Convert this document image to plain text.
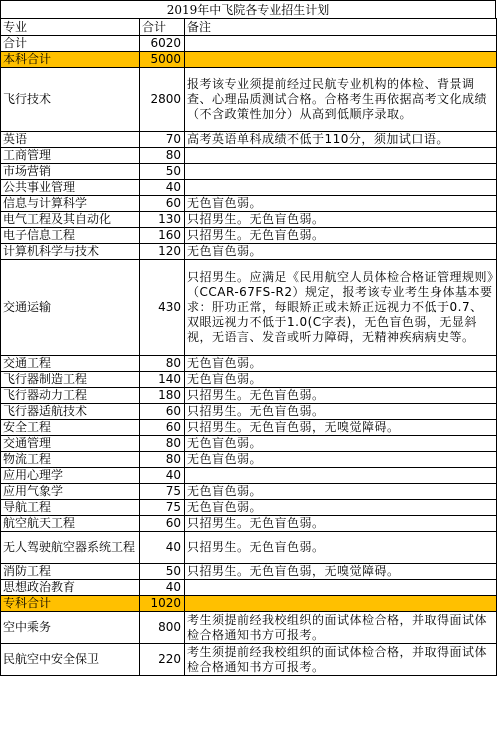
2019年中飞院各专业招生计划
专业	合计	备注
合计	6020	
本科合计	5000	
飞行技术	2800	报考该专业须提前经过民航专业机构的体检、背景调查、心理品质测试合格。合格考生再依据高考文化成绩（不含政策性加分）从高到低顺序录取。
英语	70	高考英语单科成绩不低于110分，须加试口语。
工商管理	80	
市场营销	50	
公共事业管理	40	
信息与计算科学	60	无色盲色弱。
电气工程及其自动化	130	只招男生。无色盲色弱。
电子信息工程	160	只招男生。无色盲色弱。
计算机科学与技术	120	无色盲色弱。
交通运输	430	只招男生。应满足《民用航空人员体检合格证管理规则》（CCAR-67FS-R2）规定，报考该专业考生身体基本要求：肝功正常，每眼矫正或未矫正远视力不低于0.7、双眼远视力不低于1.0(C字表)，无色盲色弱，无显斜视，无语言、发音或听力障碍，无精神疾病病史等。
交通工程	80	无色盲色弱。
飞行器制造工程	140	无色盲色弱。
飞行器动力工程	180	只招男生。无色盲色弱。
飞行器适航技术	60	只招男生。无色盲色弱。
安全工程	60	只招男生。无色盲色弱，无嗅觉障碍。
交通管理	80	无色盲色弱。
物流工程	80	无色盲色弱。
应用心理学	40	
应用气象学	75	无色盲色弱。
导航工程	75	无色盲色弱。
航空航天工程	60	只招男生。无色盲色弱。
无人驾驶航空器系统工程	40	只招男生。无色盲色弱。
消防工程	50	只招男生。无色盲色弱，无嗅觉障碍。
思想政治教育	40	
专科合计	1020	
空中乘务	800	考生须提前经我校组织的面试体检合格，并取得面试体检合格通知书方可报考。
民航空中安全保卫	220	考生须提前经我校组织的面试体检合格，并取得面试体检合格通知书方可报考。
